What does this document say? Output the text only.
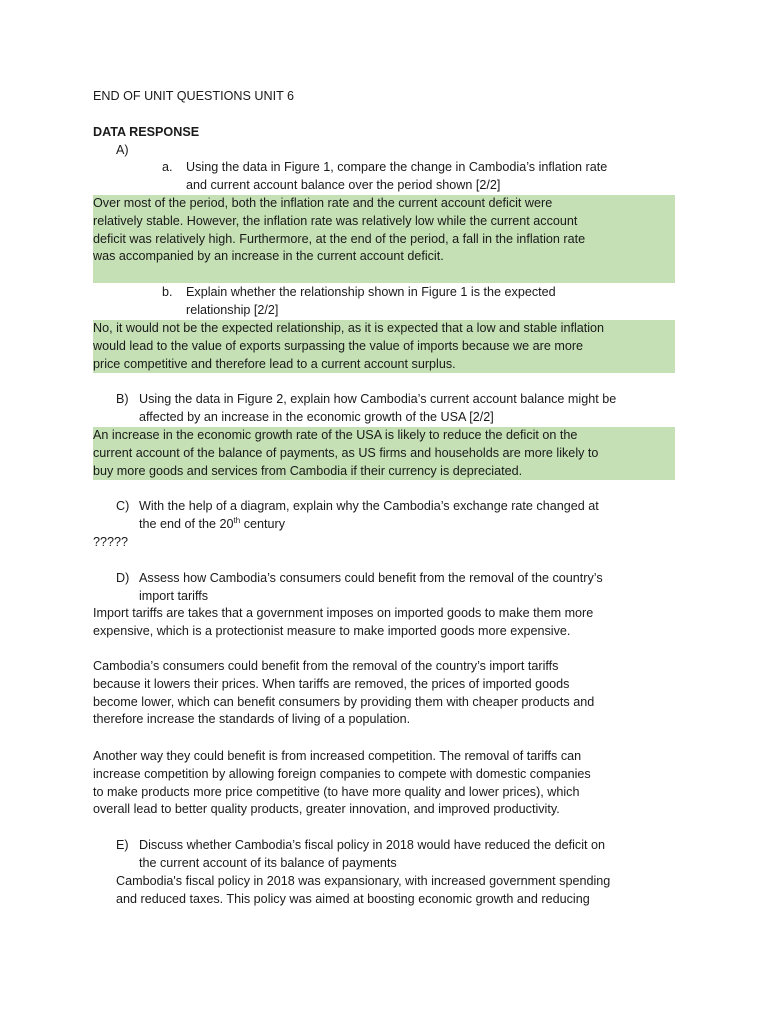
END OF UNIT QUESTIONS UNIT 6
DATA RESPONSE
A)
a. Using the data in Figure 1, compare the change in Cambodia’s inflation rate
and current account balance over the period shown [2/2]
Over most of the period, both the inflation rate and the current account deficit were
relatively stable. However, the inflation rate was relatively low while the current account
deficit was relatively high. Furthermore, at the end of the period, a fall in the inflation rate
was accompanied by an increase in the current account deficit.
b. Explain whether the relationship shown in Figure 1 is the expected
relationship [2/2]
No, it would not be the expected relationship, as it is expected that a low and stable inflation
would lead to the value of exports surpassing the value of imports because we are more
price competitive and therefore lead to a current account surplus.
B) Using the data in Figure 2, explain how Cambodia’s current account balance might be
affected by an increase in the economic growth of the USA [2/2]
An increase in the economic growth rate of the USA is likely to reduce the deficit on the
current account of the balance of payments, as US firms and households are more likely to
buy more goods and services from Cambodia if their currency is depreciated.
C) With the help of a diagram, explain why the Cambodia’s exchange rate changed at
the end of the 20th century
?????
D) Assess how Cambodia’s consumers could benefit from the removal of the country’s
import tariffs
Import tariffs are takes that a government imposes on imported goods to make them more
expensive, which is a protectionist measure to make imported goods more expensive.
Cambodia’s consumers could benefit from the removal of the country’s import tariffs
because it lowers their prices. When tariffs are removed, the prices of imported goods
become lower, which can benefit consumers by providing them with cheaper products and
therefore increase the standards of living of a population.
Another way they could benefit is from increased competition. The removal of tariffs can
increase competition by allowing foreign companies to compete with domestic companies
to make products more price competitive (to have more quality and lower prices), which
overall lead to better quality products, greater innovation, and improved productivity.
E) Discuss whether Cambodia’s fiscal policy in 2018 would have reduced the deficit on
the current account of its balance of payments
Cambodia's fiscal policy in 2018 was expansionary, with increased government spending
and reduced taxes. This policy was aimed at boosting economic growth and reducing
